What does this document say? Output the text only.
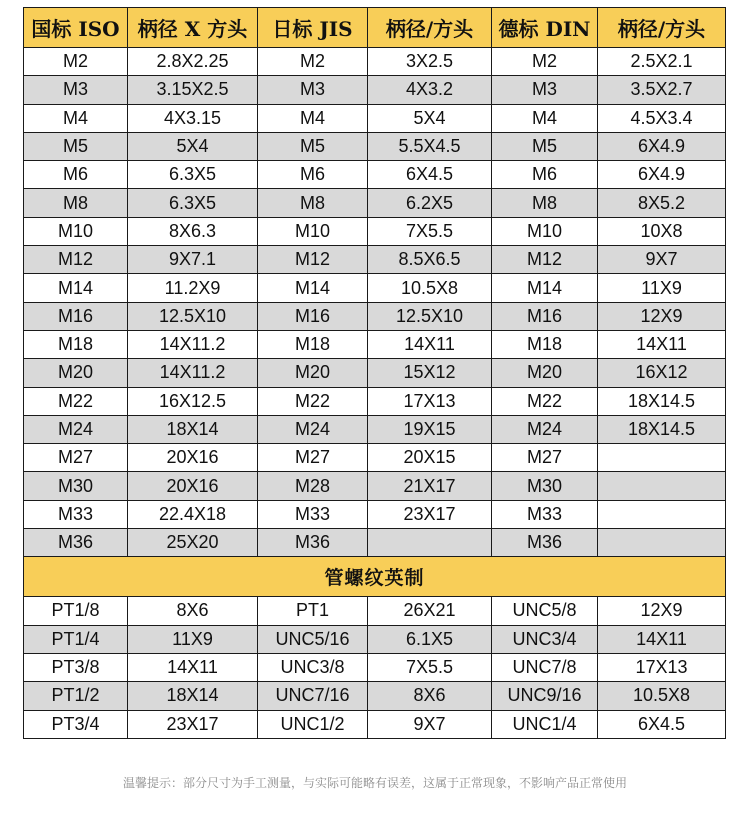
国标 ISO	柄径 X 方头	日标 JIS	柄径/方头	德标 DIN	柄径/方头
M2	2.8X2.25	M2	3X2.5	M2	2.5X2.1
M3	3.15X2.5	M3	4X3.2	M3	3.5X2.7
M4	4X3.15	M4	5X4	M4	4.5X3.4
M5	5X4	M5	5.5X4.5	M5	6X4.9
M6	6.3X5	M6	6X4.5	M6	6X4.9
M8	6.3X5	M8	6.2X5	M8	8X5.2
M10	8X6.3	M10	7X5.5	M10	10X8
M12	9X7.1	M12	8.5X6.5	M12	9X7
M14	11.2X9	M14	10.5X8	M14	11X9
M16	12.5X10	M16	12.5X10	M16	12X9
M18	14X11.2	M18	14X11	M18	14X11
M20	14X11.2	M20	15X12	M20	16X12
M22	16X12.5	M22	17X13	M22	18X14.5
M24	18X14	M24	19X15	M24	18X14.5
M27	20X16	M27	20X15	M27	
M30	20X16	M28	21X17	M30	
M33	22.4X18	M33	23X17	M33	
M36	25X20	M36		M36	
管螺纹英制					
PT1/8	8X6	PT1	26X21	UNC5/8	12X9
PT1/4	11X9	UNC5/16	6.1X5	UNC3/4	14X11
PT3/8	14X11	UNC3/8	7X5.5	UNC7/8	17X13
PT1/2	18X14	UNC7/16	8X6	UNC9/16	10.5X8
PT3/4	23X17	UNC1/2	9X7	UNC1/4	6X4.5
温馨提示：部分尺寸为手工测量，与实际可能略有误差，这属于正常现象，不影响产品正常使用
